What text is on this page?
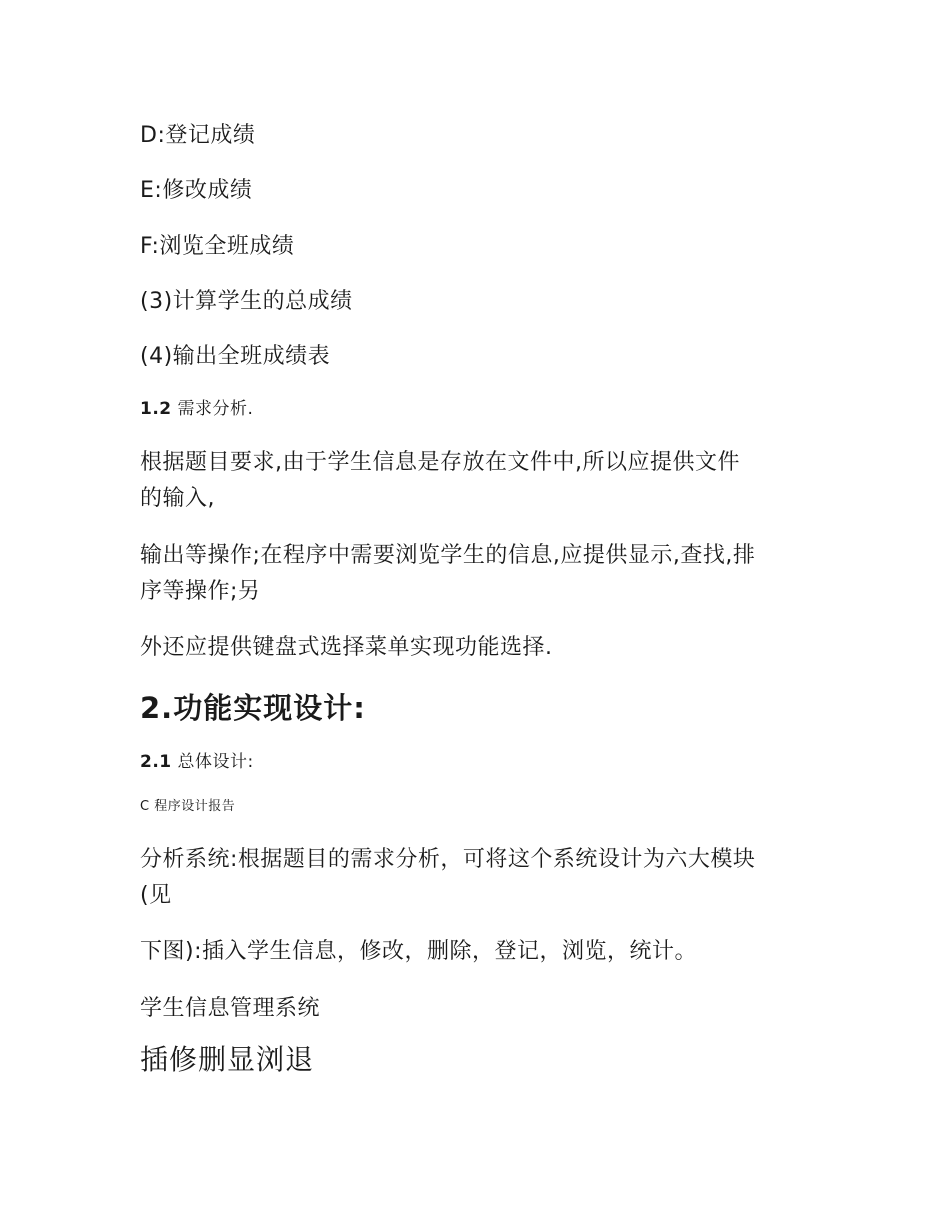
D:登记成绩

E:修改成绩

F:浏览全班成绩

(3)计算学生的总成绩

(4)输出全班成绩表

1.2 需求分析.

根据题目要求,由于学生信息是存放在文件中,所以应提供文件

的输入,

输出等操作;在程序中需要浏览学生的信息,应提供显示,查找,排

序等操作;另

外还应提供键盘式选择菜单实现功能选择.

2.功能实现设计:

2.1 总体设计:

C 程序设计报告

分析系统:根据题目的需求分析，可将这个系统设计为六大模块

(见

下图):插入学生信息，修改，删除，登记，浏览，统计。

学生信息管理系统

插修删显浏退
